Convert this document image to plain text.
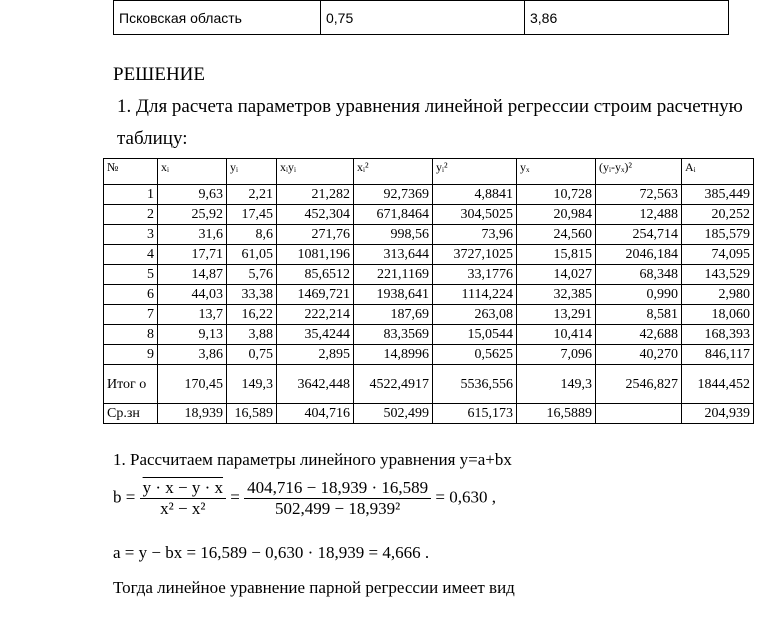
Псковская область	0,75	3,86
РЕШЕНИЕ
1. Для расчета параметров уравнения линейной регрессии строим расчетную
таблицу:
№	xᵢ	yᵢ	xᵢyᵢ	xᵢ²	yᵢ²	yₓ	(yᵢ-yₓ)²	Aᵢ
1	9,63	2,21	21,282	92,7369	4,8841	10,728	72,563	385,449
2	25,92	17,45	452,304	671,8464	304,5025	20,984	12,488	20,252
3	31,6	8,6	271,76	998,56	73,96	24,560	254,714	185,579
4	17,71	61,05	1081,196	313,644	3727,1025	15,815	2046,184	74,095
5	14,87	5,76	85,6512	221,1169	33,1776	14,027	68,348	143,529
6	44,03	33,38	1469,721	1938,641	1114,224	32,385	0,990	2,980
7	13,7	16,22	222,214	187,69	263,08	13,291	8,581	18,060
8	9,13	3,88	35,4244	83,3569	15,0544	10,414	42,688	168,393
9	3,86	0,75	2,895	14,8996	0,5625	7,096	40,270	846,117
Итог о	170,45	149,3	3642,448	4522,4917	5536,556	149,3	2546,827	1844,452
Ср.зн	18,939	16,589	404,716	502,499	615,173	16,5889		204,939
1. Рассчитаем параметры линейного уравнения y=a+bx
$b = \frac{y \cdot x - y \cdot x}{\text{x² − x²}} = \frac{404,716 - 18,939 \cdot 16,589}{\text{502,499 − 18,939²}} = 0,630$ ,
a = y − bx = 16,589 − 0,630 · 18,939 = 4,666 .
Тогда линейное уравнение парной регрессии имеет вид
